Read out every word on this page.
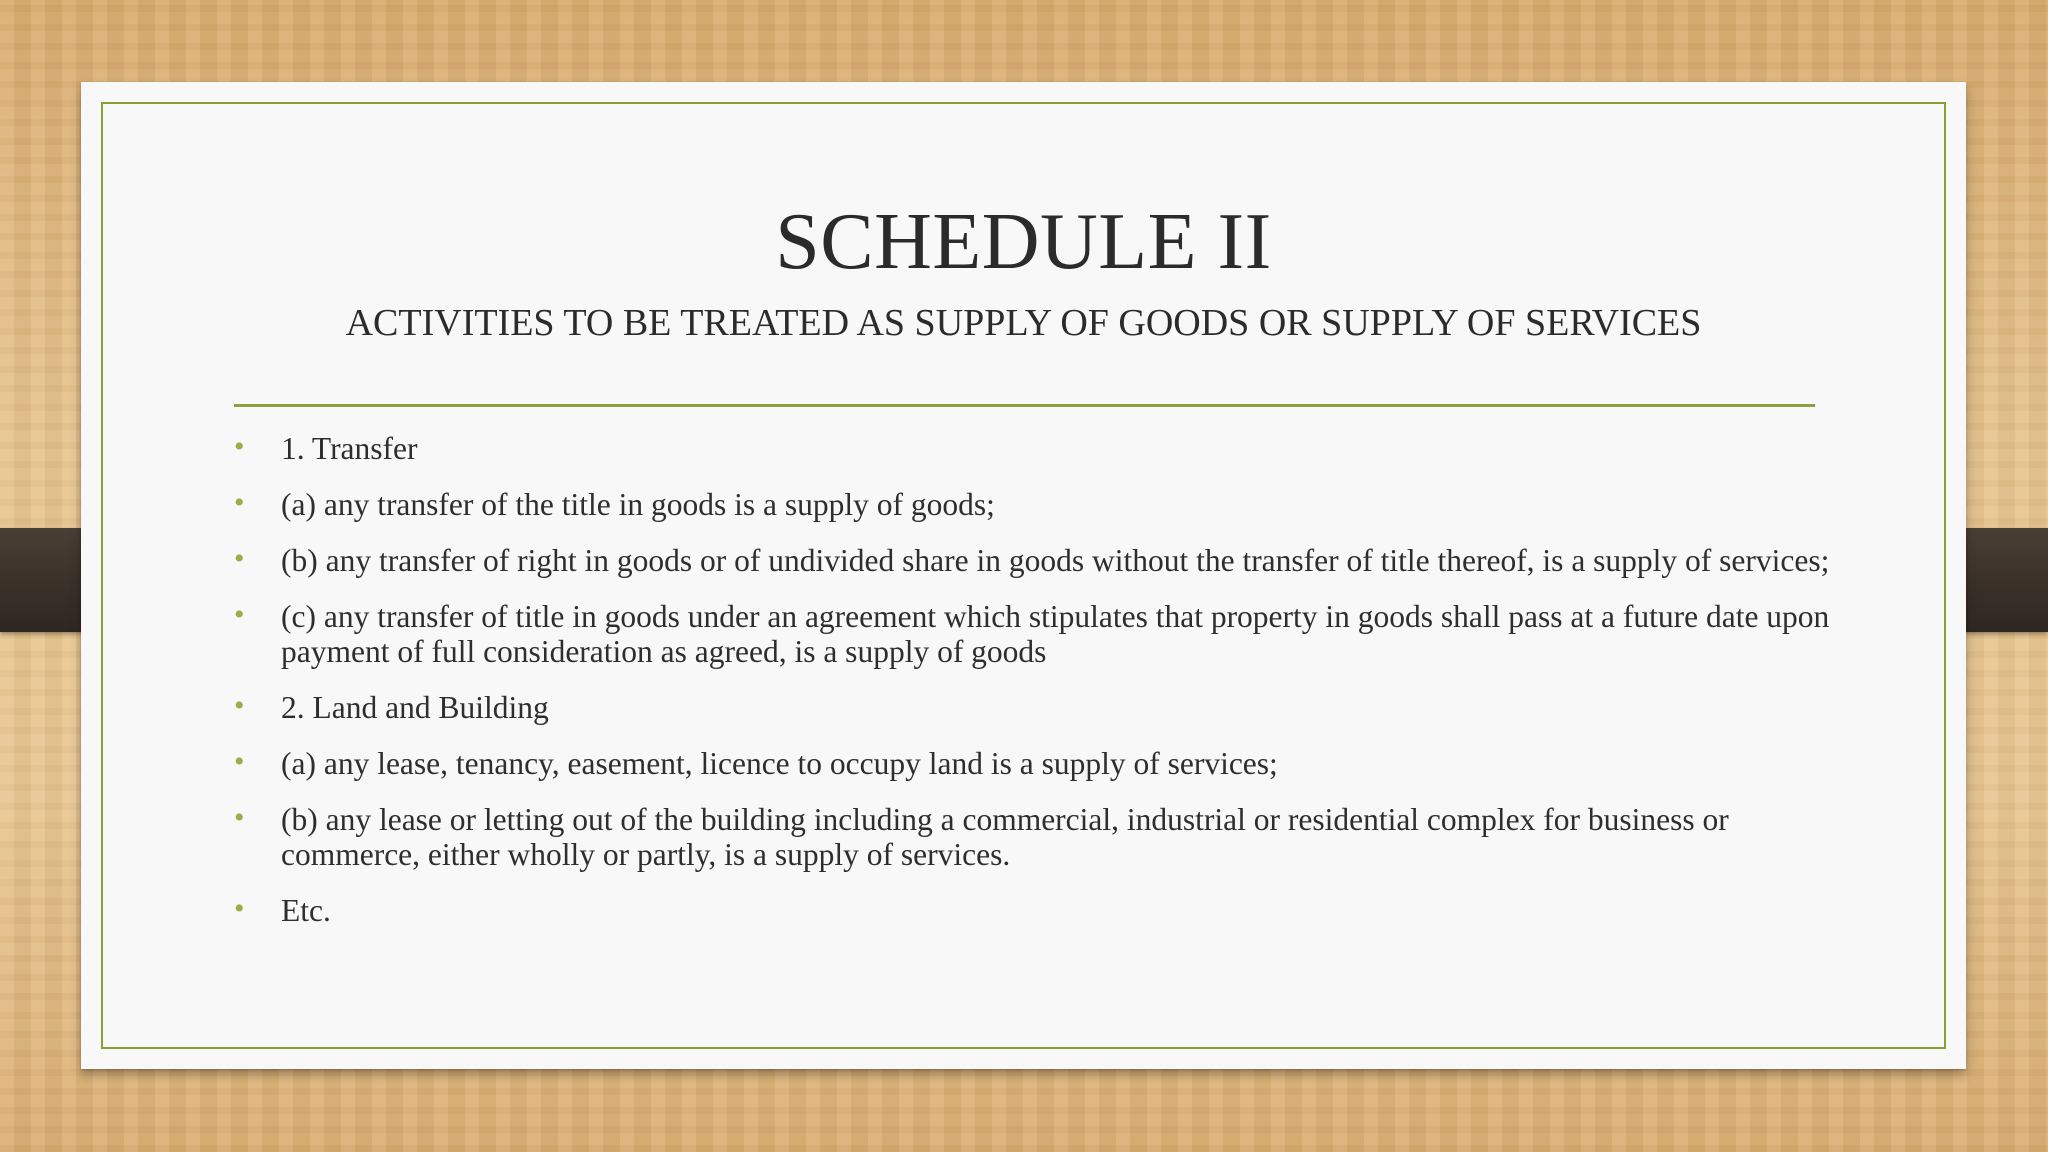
SCHEDULE II
ACTIVITIES TO BE TREATED AS SUPPLY OF GOODS OR SUPPLY OF SERVICES
• 1. Transfer
• (a) any transfer of the title in goods is a supply of goods;
• (b) any transfer of right in goods or of undivided share in goods without the transfer of title thereof, is a supply of services;
• (c) any transfer of title in goods under an agreement which stipulates that property in goods shall pass at a future date upon payment of full consideration as agreed, is a supply of goods
• 2. Land and Building
• (a) any lease, tenancy, easement, licence to occupy land is a supply of services;
• (b) any lease or letting out of the building including a commercial, industrial or residential complex for business or commerce, either wholly or partly, is a supply of services.
• Etc.
